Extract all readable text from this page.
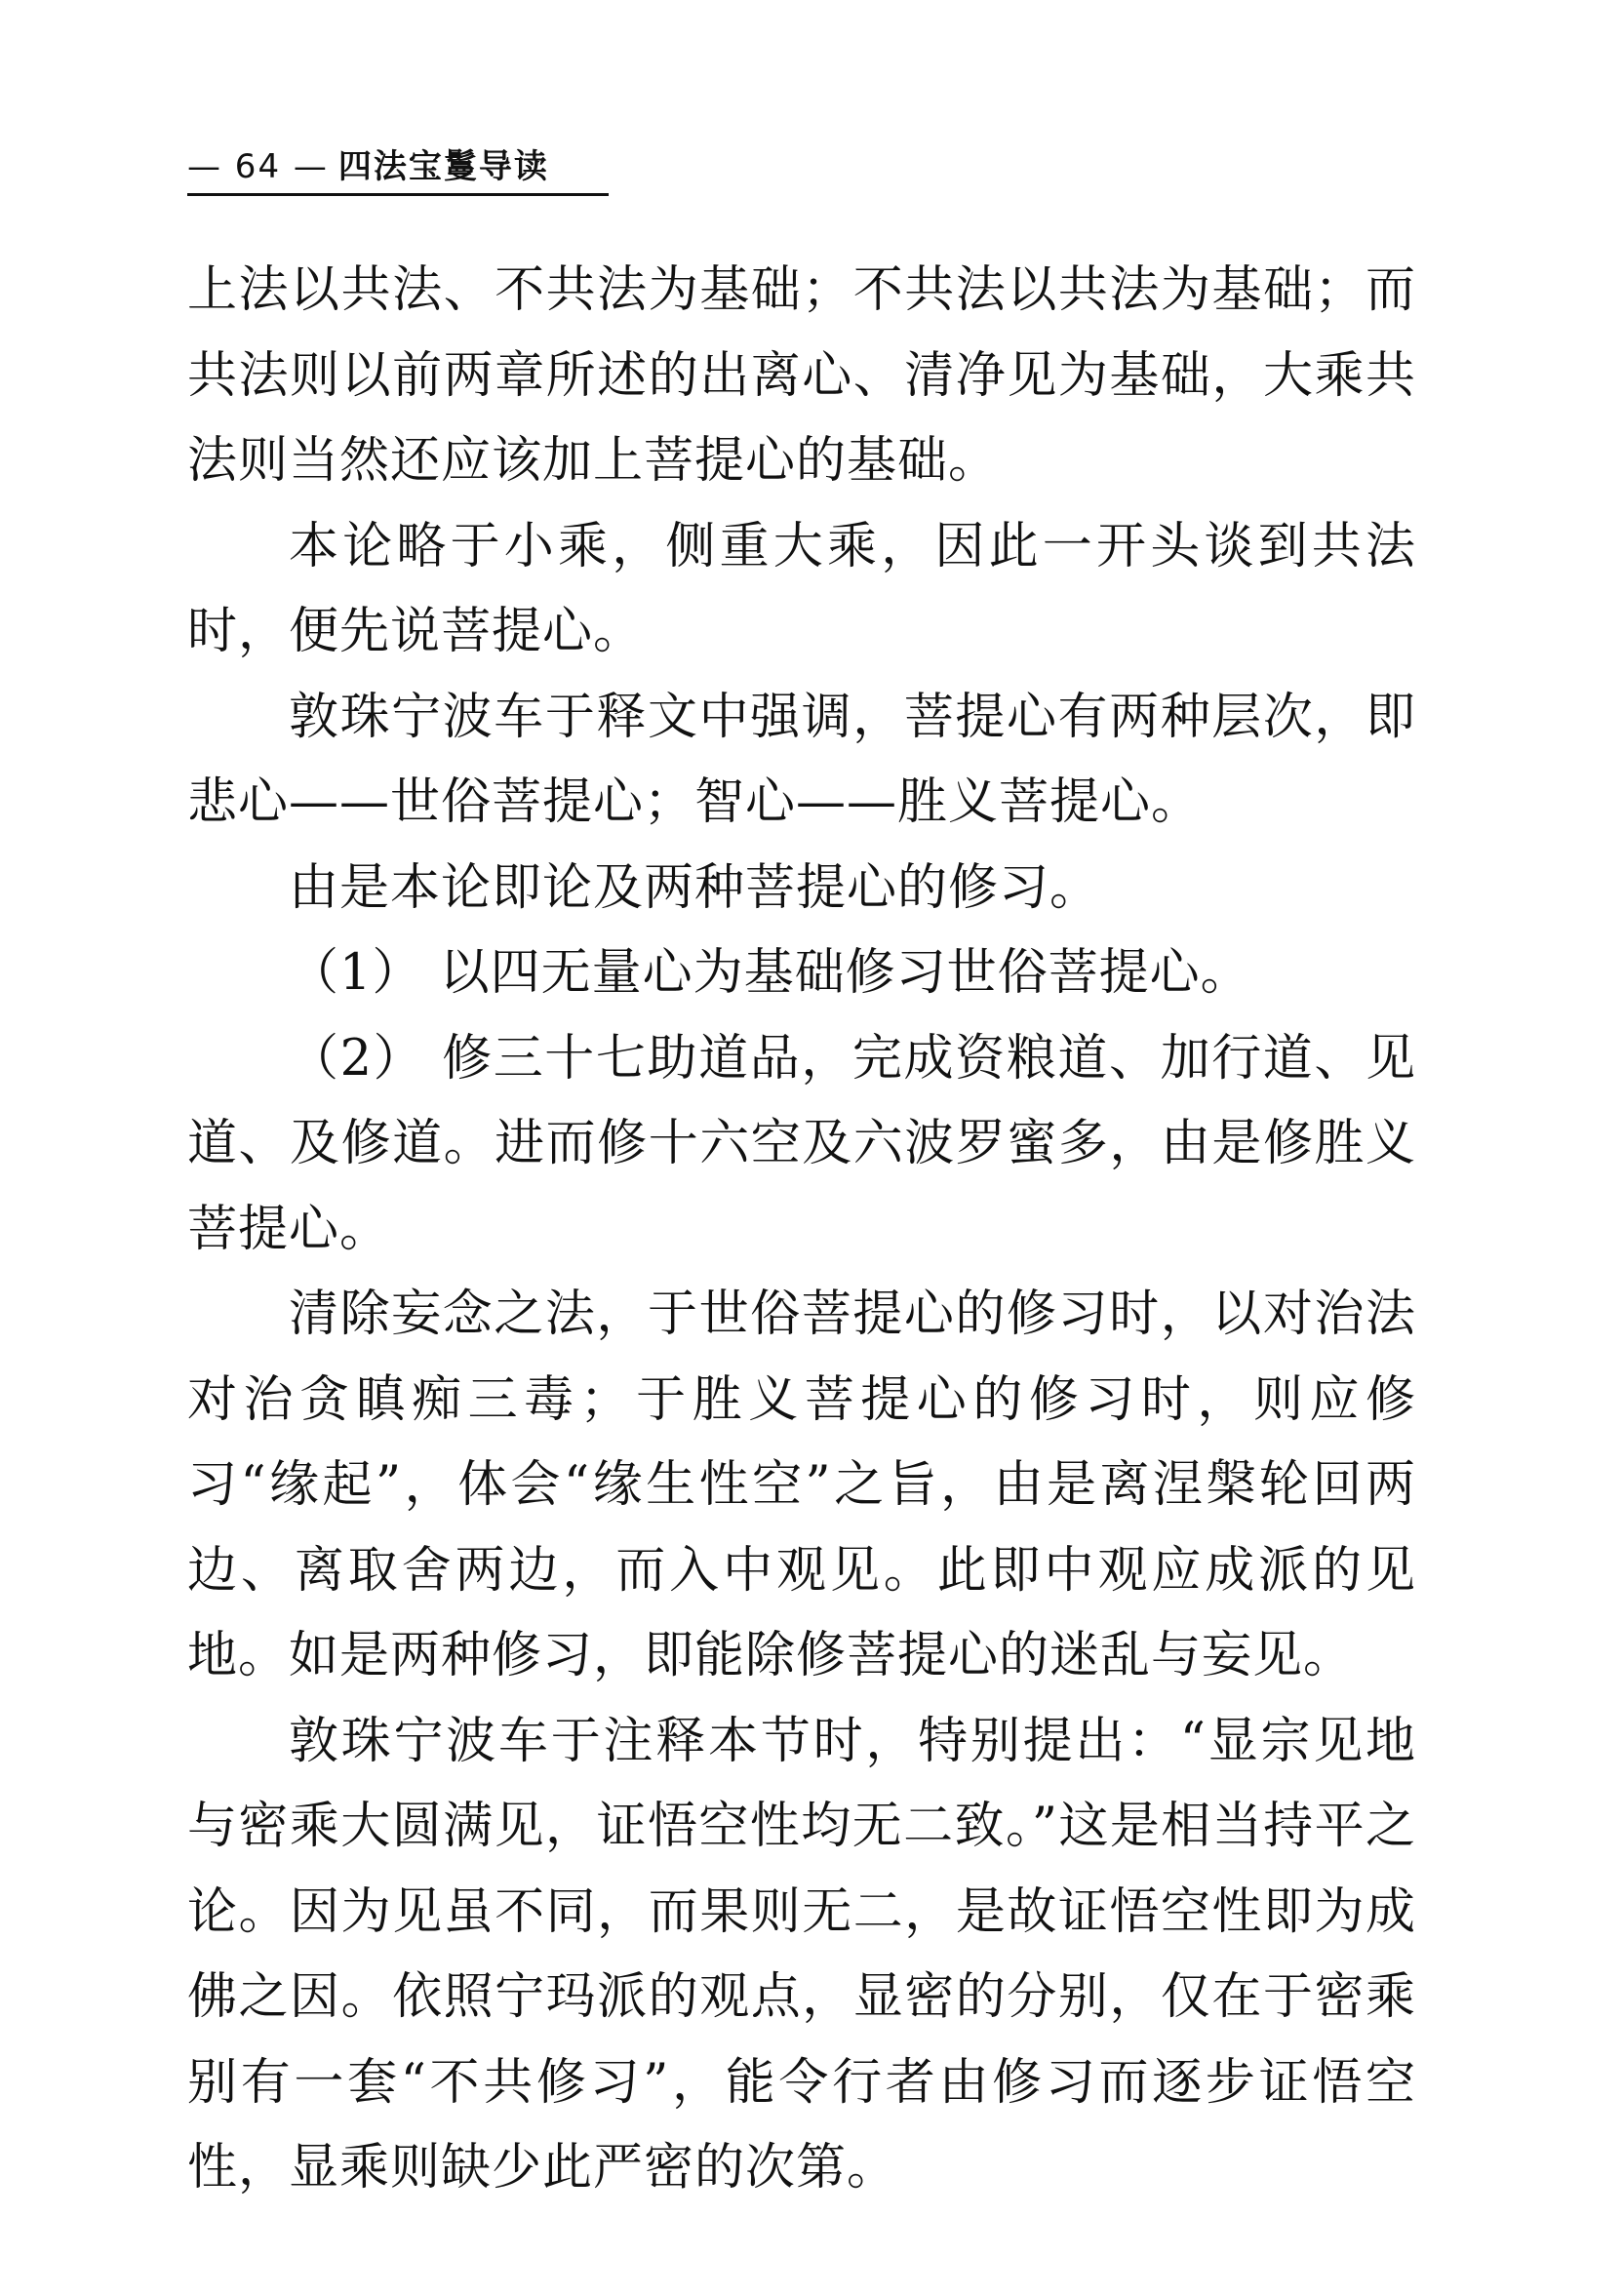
— 64 — 四法宝鬘导读

上法以共法、不共法为基础；不共法以共法为基础；而共法则以前两章所述的出离心、清净见为基础，大乘共法则当然还应该加上菩提心的基础。

本论略于小乘，侧重大乘，因此一开头谈到共法时，便先说菩提心。

敦珠宁波车于释文中强调，菩提心有两种层次，即悲心——世俗菩提心；智心——胜义菩提心。

由是本论即论及两种菩提心的修习。

（1） 以四无量心为基础修习世俗菩提心。

（2） 修三十七助道品，完成资粮道、加行道、见道、及修道。进而修十六空及六波罗蜜多，由是修胜义菩提心。

清除妄念之法，于世俗菩提心的修习时，以对治法对治贪瞋痴三毒；于胜义菩提心的修习时，则应修习“缘起”，体会“缘生性空”之旨，由是离涅槃轮回两边、离取舍两边，而入中观见。此即中观应成派的见地。如是两种修习，即能除修菩提心的迷乱与妄见。

敦珠宁波车于注释本节时，特别提出：“显宗见地与密乘大圆满见，证悟空性均无二致。”这是相当持平之论。因为见虽不同，而果则无二，是故证悟空性即为成佛之因。依照宁玛派的观点，显密的分别，仅在于密乘别有一套“不共修习”，能令行者由修习而逐步证悟空性，显乘则缺少此严密的次第。
